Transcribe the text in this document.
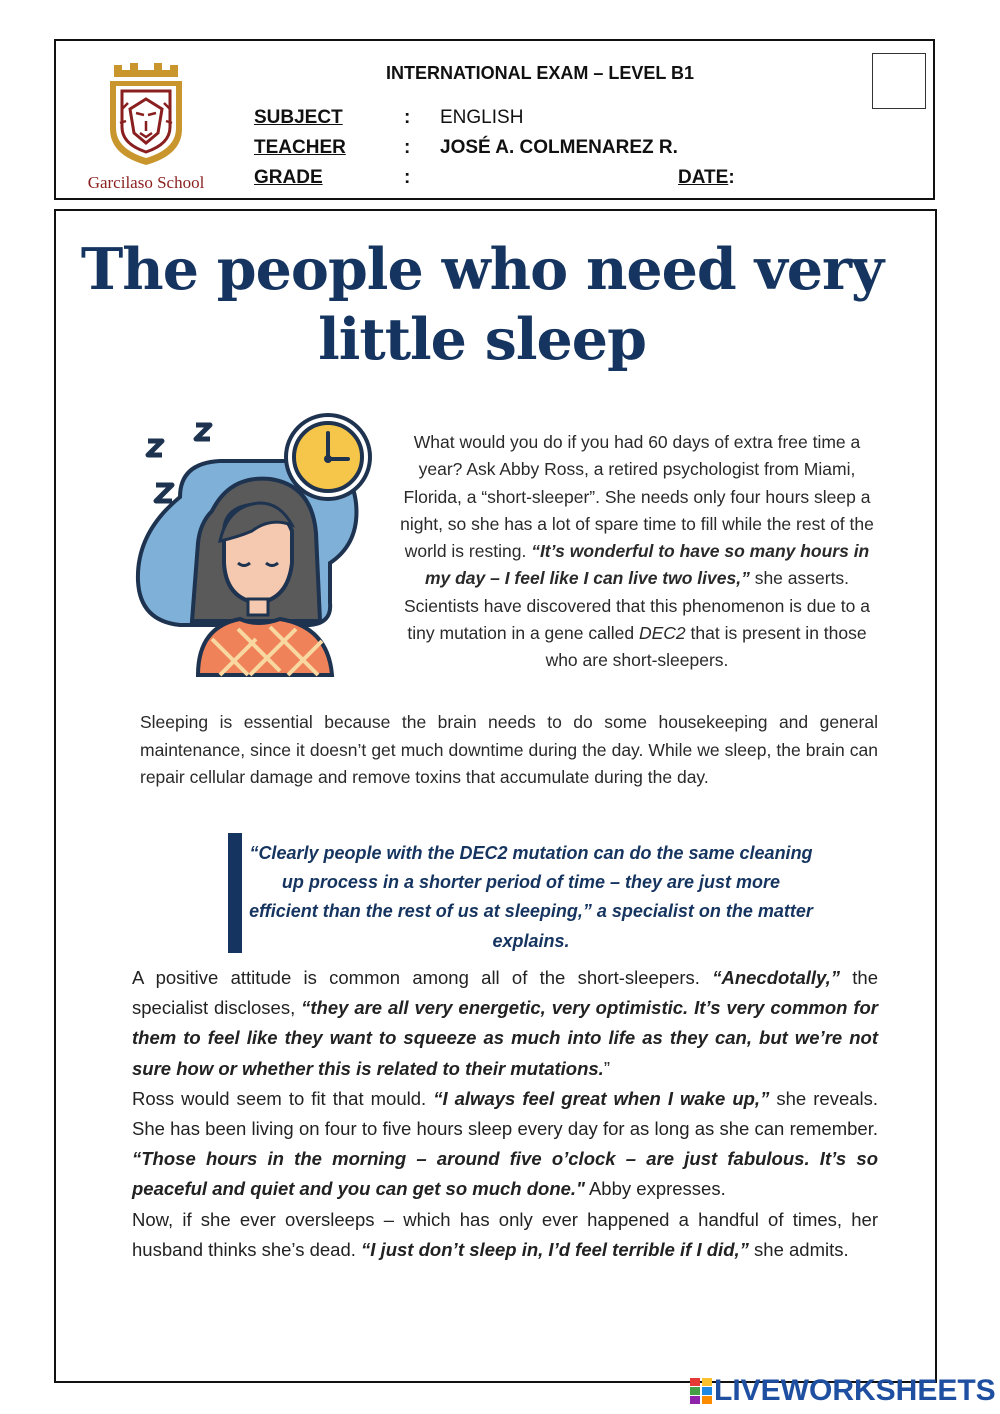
Garcilaso School
INTERNATIONAL EXAM – LEVEL B1
SUBJECT	: ENGLISH
TEACHER	: JOSÉ A. COLMENAREZ R.
GRADE	:	DATE:
The people who need very
little sleep
What would you do if you had 60 days of extra free time a year? Ask Abby Ross, a retired psychologist from Miami, Florida, a “short-sleeper”. She needs only four hours sleep a night, so she has a lot of spare time to fill while the rest of the world is resting. “It’s wonderful to have so many hours in my day – I feel like I can live two lives,” she asserts. Scientists have discovered that this phenomenon is due to a tiny mutation in a gene called DEC2 that is present in those who are short-sleepers.
Sleeping is essential because the brain needs to do some housekeeping and general maintenance, since it doesn’t get much downtime during the day. While we sleep, the brain can repair cellular damage and remove toxins that accumulate during the day.
“Clearly people with the DEC2 mutation can do the same cleaning up process in a shorter period of time – they are just more efficient than the rest of us at sleeping,” a specialist on the matter explains.

A positive attitude is common among all of the short-sleepers. “Anecdotally,” the specialist discloses, “they are all very energetic, very optimistic. It’s very common for them to feel like they want to squeeze as much into life as they can, but we’re not sure how or whether this is related to their mutations.”

Ross would seem to fit that mould. “I always feel great when I wake up,” she reveals. She has been living on four to five hours sleep every day for as long as she can remember. “Those hours in the morning – around five o’clock – are just fabulous. It’s so peaceful and quiet and you can get so much done." Abby expresses.

Now, if she ever oversleeps – which has only ever happened a handful of times, her husband thinks she’s dead. “I just don’t sleep in, I’d feel terrible if I did,” she admits.

LIVEWORKSHEETS
